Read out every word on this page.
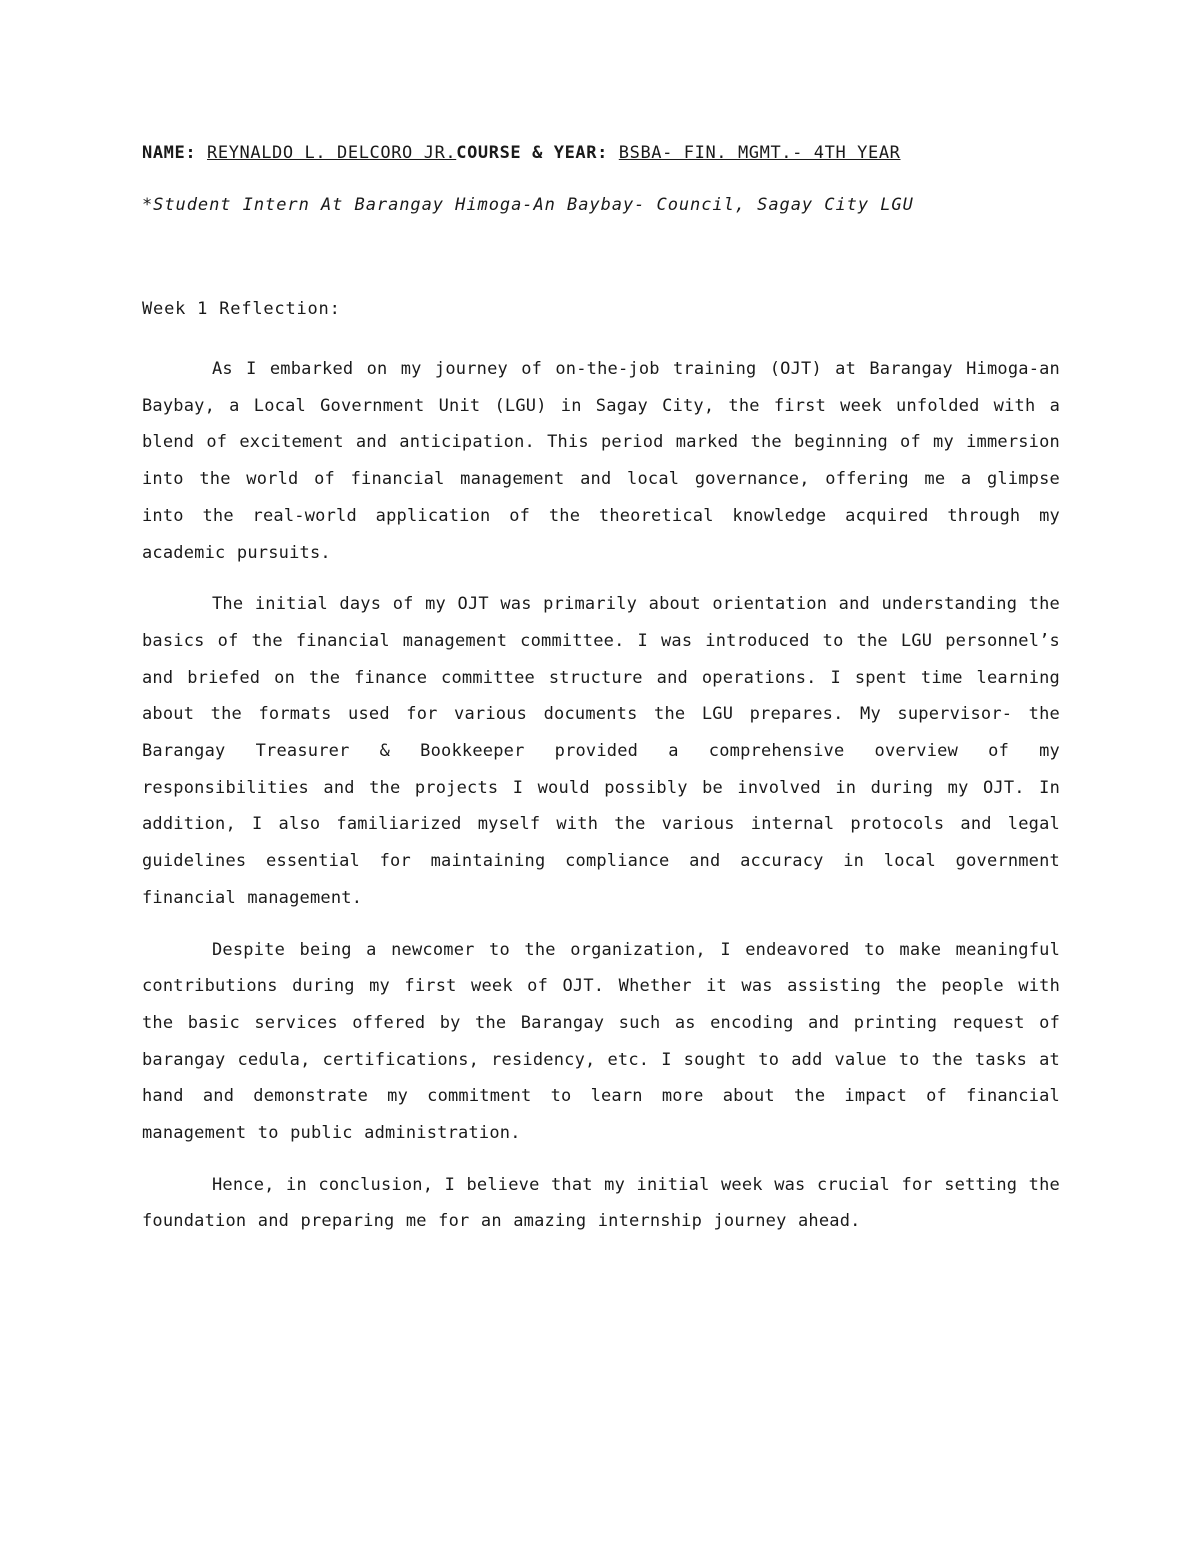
NAME: REYNALDO L. DELCORO JR.COURSE & YEAR: BSBA- FIN. MGMT.- 4TH YEAR
*Student Intern At Barangay Himoga-An Baybay- Council, Sagay City LGU
Week 1 Reflection:

As I embarked on my journey of on-the-job training (OJT) at Barangay Himoga-an Baybay, a Local Government Unit (LGU) in Sagay City, the first week unfolded with a blend of excitement and anticipation. This period marked the beginning of my immersion into the world of financial management and local governance, offering me a glimpse into the real-world application of the theoretical knowledge acquired through my academic pursuits.

The initial days of my OJT was primarily about orientation and understanding the basics of the financial management committee. I was introduced to the LGU personnel’s and briefed on the finance committee structure and operations. I spent time learning about the formats used for various documents the LGU prepares. My supervisor- the Barangay Treasurer & Bookkeeper provided a comprehensive overview of my responsibilities and the projects I would possibly be involved in during my OJT. In addition, I also familiarized myself with the various internal protocols and legal guidelines essential for maintaining compliance and accuracy in local government financial management.

Despite being a newcomer to the organization, I endeavored to make meaningful contributions during my first week of OJT. Whether it was assisting the people with the basic services offered by the Barangay such as encoding and printing request of barangay cedula, certifications, residency, etc. I sought to add value to the tasks at hand and demonstrate my commitment to learn more about the impact of financial management to public administration.

Hence, in conclusion, I believe that my initial week was crucial for setting the foundation and preparing me for an amazing internship journey ahead.
